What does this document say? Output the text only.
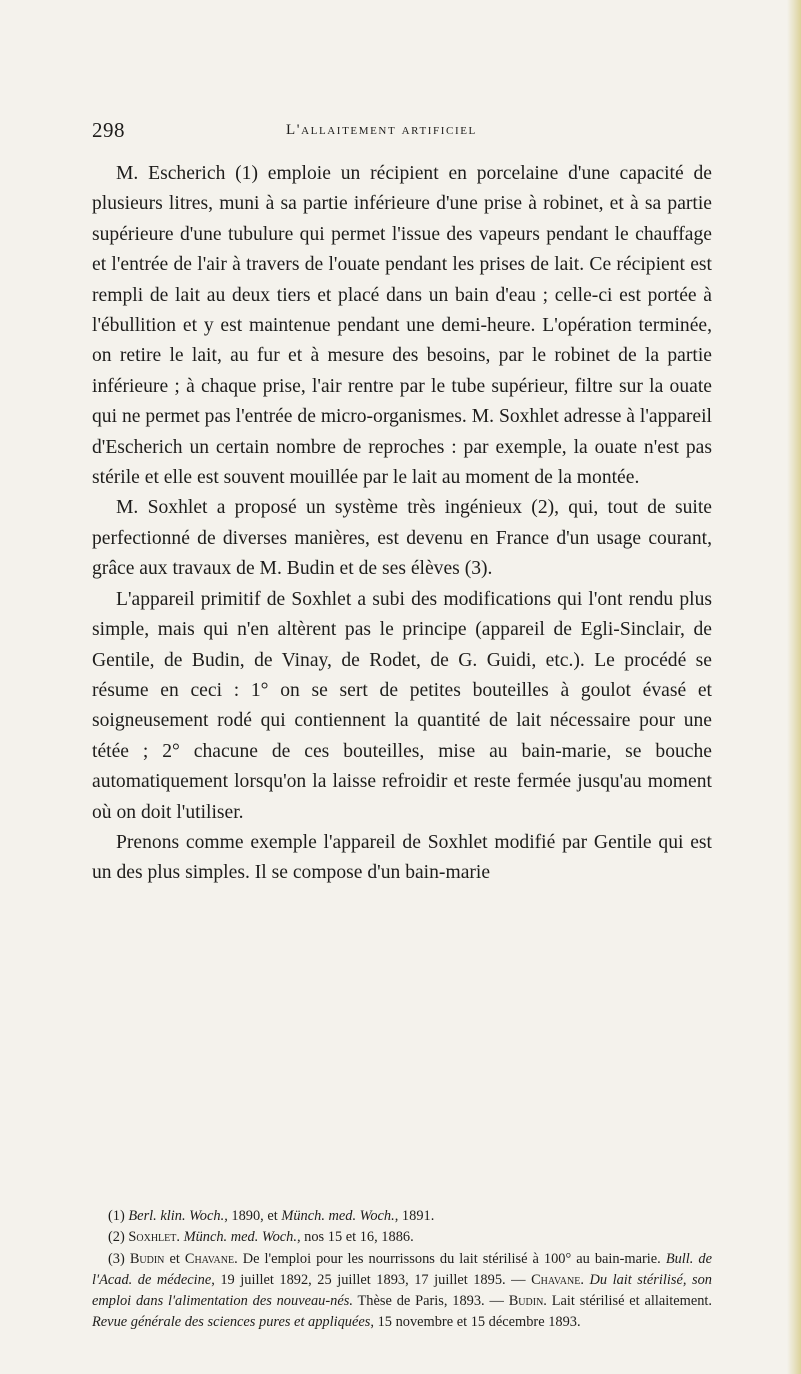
298	l'allaitement artificiel

M. Escherich (1) emploie un récipient en porcelaine d'une capacité de plusieurs litres, muni à sa partie inférieure d'une prise à robinet, et à sa partie supérieure d'une tubulure qui permet l'issue des vapeurs pendant le chauffage et l'entrée de l'air à travers de l'ouate pendant les prises de lait. Ce récipient est rempli de lait au deux tiers et placé dans un bain d'eau ; celle-ci est portée à l'ébullition et y est maintenue pendant une demi-heure. L'opération terminée, on retire le lait, au fur et à mesure des besoins, par le robinet de la partie inférieure ; à chaque prise, l'air rentre par le tube supérieur, filtre sur la ouate qui ne permet pas l'entrée de micro-organismes. M. Soxhlet adresse à l'appareil d'Escherich un certain nombre de reproches : par exemple, la ouate n'est pas stérile et elle est souvent mouillée par le lait au moment de la montée.

M. Soxhlet a proposé un système très ingénieux (2), qui, tout de suite perfectionné de diverses manières, est devenu en France d'un usage courant, grâce aux travaux de M. Budin et de ses élèves (3).

L'appareil primitif de Soxhlet a subi des modifications qui l'ont rendu plus simple, mais qui n'en altèrent pas le principe (appareil de Egli-Sinclair, de Gentile, de Budin, de Vinay, de Rodet, de G. Guidi, etc.). Le procédé se résume en ceci : 1° on se sert de petites bouteilles à goulot évasé et soigneusement rodé qui contiennent la quantité de lait nécessaire pour une tétée ; 2° chacune de ces bouteilles, mise au bain-marie, se bouche automatiquement lorsqu'on la laisse refroidir et reste fermée jusqu'au moment où on doit l'utiliser.

Prenons comme exemple l'appareil de Soxhlet modifié par Gentile qui est un des plus simples. Il se compose d'un bain-marie

(1) Berl. klin. Woch., 1890, et Münch. med. Woch., 1891.

(2) Soxhlet. Münch. med. Woch., nos 15 et 16, 1886.

(3) Budin et Chavane. De l'emploi pour les nourrissons du lait stérilisé à 100° au bain-marie. Bull. de l'Acad. de médecine, 19 juillet 1892, 25 juillet 1893, 17 juillet 1895. — Chavane. Du lait stérilisé, son emploi dans l'alimentation des nouveau-nés. Thèse de Paris, 1893. — Budin. Lait stérilisé et allaitement. Revue générale des sciences pures et appliquées, 15 novembre et 15 décembre 1893.
